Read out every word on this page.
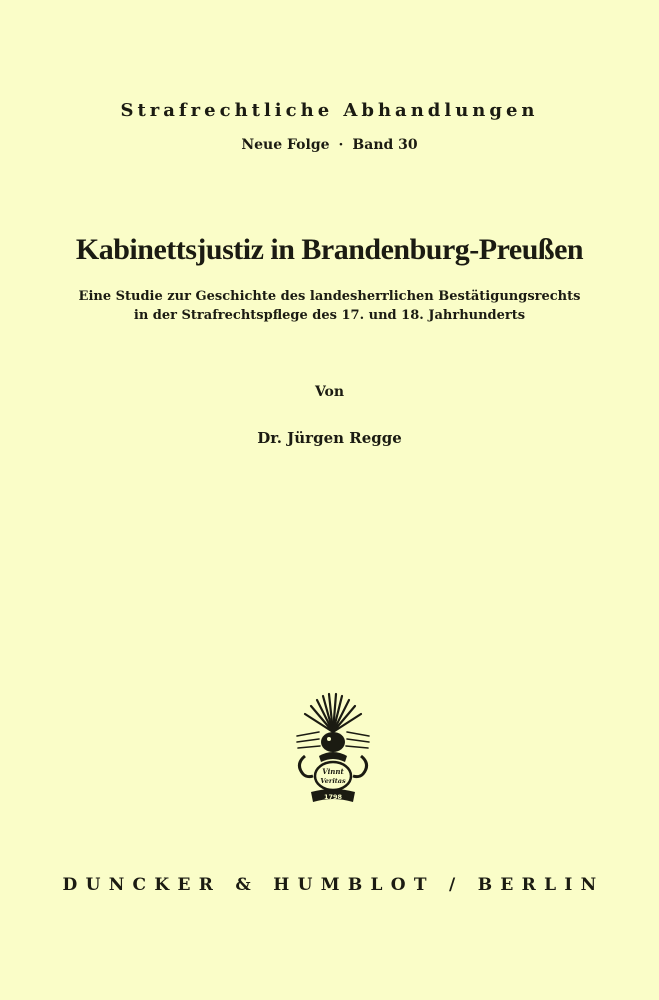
Strafrechtliche Abhandlungen
Neue Folge · Band 30
Kabinettsjustiz in Brandenburg-Preußen
Eine Studie zur Geschichte des landesherrlichen Bestätigungsrechts
in der Strafrechtspflege des 17. und 18. Jahrhunderts
Von
Dr. Jürgen Regge
Vinnt
Veritas
1798
DUNCKER & HUMBLOT / BERLIN
